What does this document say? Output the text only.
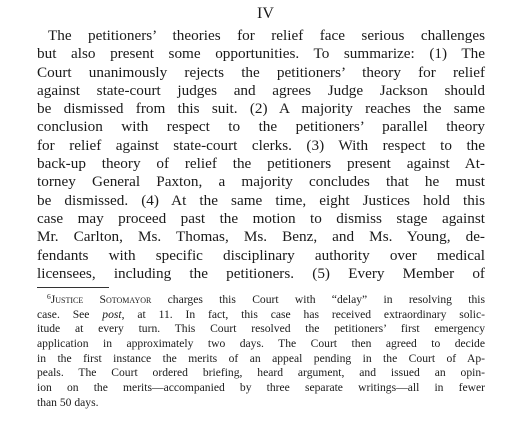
IV
The petitioners’ theories for relief face serious challenges
but also present some opportunities. To summarize: (1) The
Court unanimously rejects the petitioners’ theory for relief
against state-court judges and agrees Judge Jackson should
be dismissed from this suit. (2) A majority reaches the same
conclusion with respect to the petitioners’ parallel theory
for relief against state-court clerks. (3) With respect to the
back-up theory of relief the petitioners present against At-
torney General Paxton, a majority concludes that he must
be dismissed. (4) At the same time, eight Justices hold this
case may proceed past the motion to dismiss stage against
Mr. Carlton, Ms. Thomas, Ms. Benz, and Ms. Young, de-
fendants with specific disciplinary authority over medical
licensees, including the petitioners. (5) Every Member of
$^6$Justice Sotomayor charges this Court with “delay” in resolving this
case. See post, at 11. In fact, this case has received extraordinary solic-
itude at every turn. This Court resolved the petitioners’ first emergency
application in approximately two days. The Court then agreed to decide
in the first instance the merits of an appeal pending in the Court of Ap-
peals. The Court ordered briefing, heard argument, and issued an opin-
ion on the merits—accompanied by three separate writings—all in fewer
than 50 days.
